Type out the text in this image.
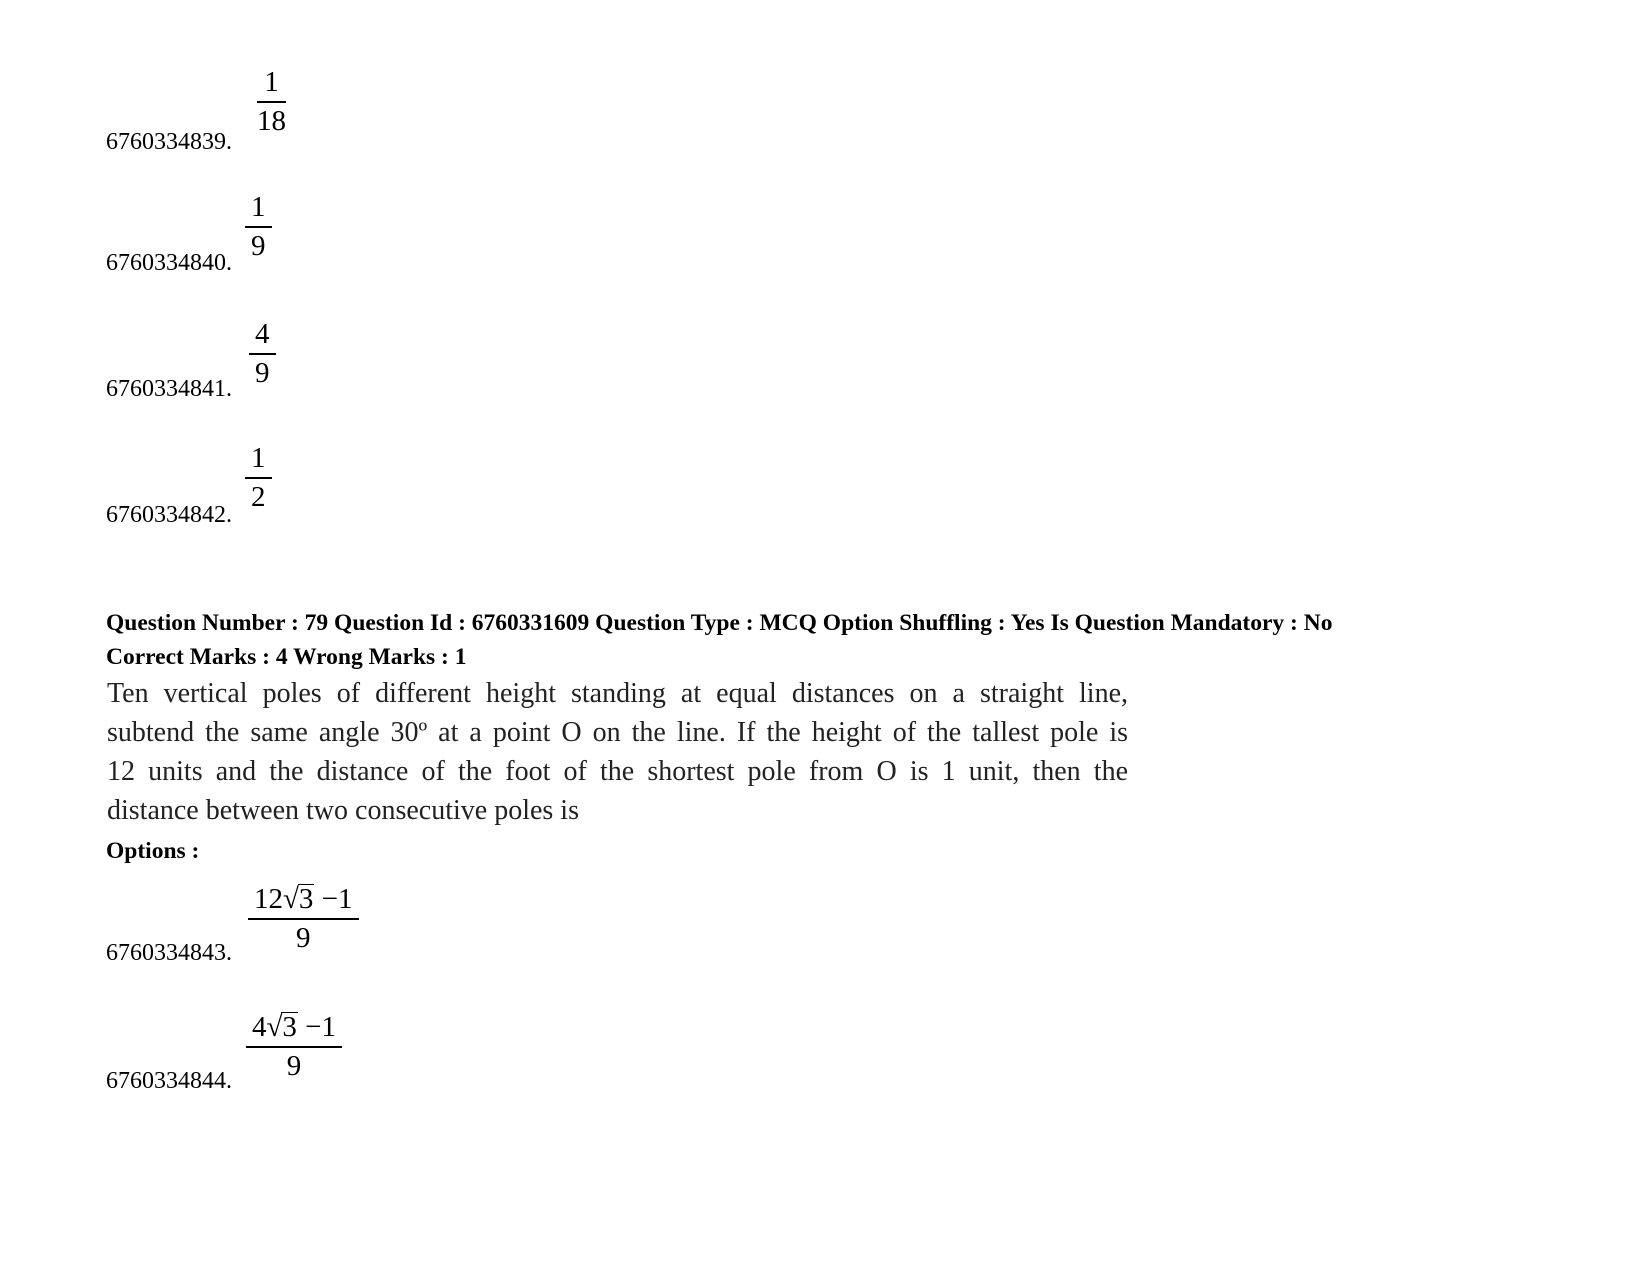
6760334839.
1
18
6760334840.
1
9
6760334841.
4
9
6760334842.
1
2
Question Number : 79 Question Id : 6760331609 Question Type : MCQ Option Shuffling : Yes Is Question Mandatory : No
Correct Marks : 4 Wrong Marks : 1
Ten vertical poles of different height standing at equal distances on a straight line,
subtend the same angle 30º at a point O on the line. If the height of the tallest pole is
12 units and the distance of the foot of the shortest pole from O is 1 unit, then the
distance between two consecutive poles is
Options :
6760334843.
12 √ 3 −1
9
6760334844.
4 √ 3 −1
9
